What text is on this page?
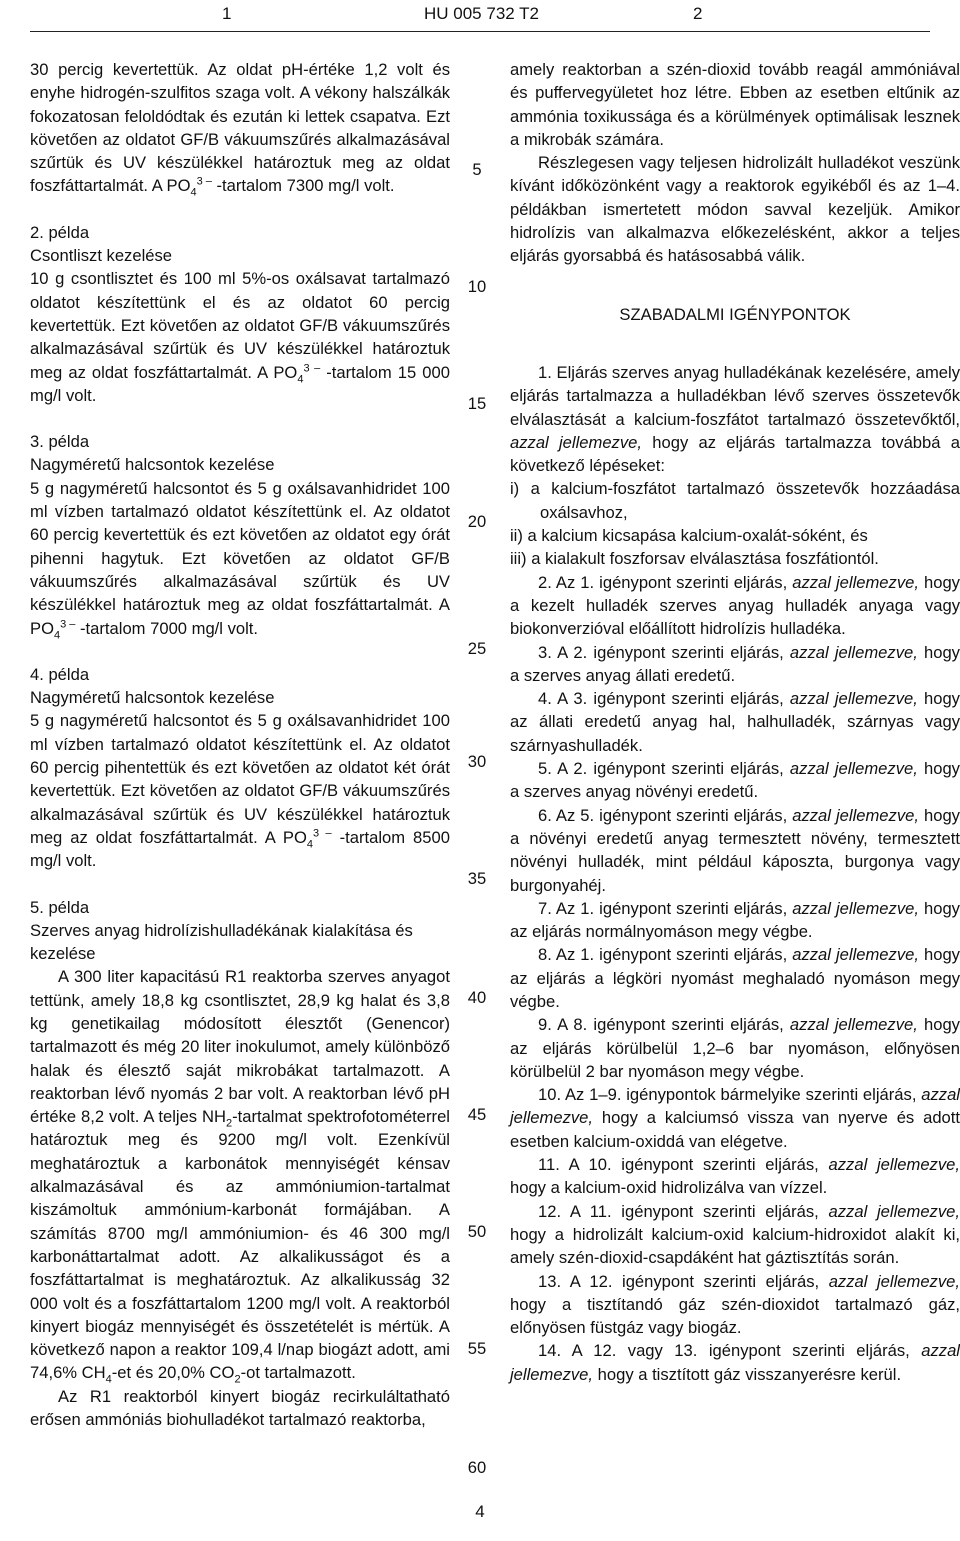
1	HU 005 732 T2	2

30 percig kevertettük. Az oldat pH-értéke 1,2 volt és enyhe hidrogén-szulfitos szaga volt. A vékony halszálkák fokozatosan feloldódtak és ezután ki lettek csapatva. Ezt követően az oldatot GF/B vákuumszűrés alkalmazásával szűrtük és UV készülékkel határoztuk meg az oldat foszfáttartalmát. A $PO_4^{3 -}$ -tartalom 7300 mg/l volt.

2. példa

Csontliszt kezelése

10 g csontlisztet és 100 ml 5%-os oxálsavat tartalmazó oldatot készítettünk el és az oldatot 60 percig kevertettük. Ezt követően az oldatot GF/B vákuumszűrés alkalmazásával szűrtük és UV készülékkel határoztuk meg az oldat foszfáttartalmát. A $PO_4^{3 -}$ -tartalom 15 000 mg/l volt.

3. példa

Nagyméretű halcsontok kezelése

5 g nagyméretű halcsontot és 5 g oxálsavanhidridet 100 ml vízben tartalmazó oldatot készítettünk el. Az oldatot 60 percig kevertettük és ezt követően az oldatot egy órát pihenni hagytuk. Ezt követően az oldatot GF/B vákuumszűrés alkalmazásával szűrtük és UV készülékkel határoztuk meg az oldat foszfáttartalmát. A $PO_4^{3 -}$ -tartalom 7000 mg/l volt.

4. példa

Nagyméretű halcsontok kezelése

5 g nagyméretű halcsontot és 5 g oxálsavanhidridet 100 ml vízben tartalmazó oldatot készítettünk el. Az oldatot 60 percig pihentettük és ezt követően az oldatot két órát kevertettük. Ezt követően az oldatot GF/B vákuumszűrés alkalmazásával szűrtük és UV készülékkel határoztuk meg az oldat foszfáttartalmát. A $PO_4^{3 -}$ -tartalom 8500 mg/l volt.

5. példa

Szerves anyag hidrolízishulladékának kialakítása és kezelése

A 300 liter kapacitású R1 reaktorba szerves anyagot tettünk, amely 18,8 kg csontlisztet, 28,9 kg halat és 3,8 kg genetikailag módosított élesztőt (Genencor) tartalmazott és még 20 liter inokulumot, amely különböző halak és élesztő saját mikrobákat tartalmazott. A reaktorban lévő nyomás 2 bar volt. A reaktorban lévő pH értéke 8,2 volt. A teljes $NH_2$-tartalmat spektrofotométerrel határoztuk meg és 9200 mg/l volt. Ezenkívül meghatároztuk a karbonátok mennyiségét kénsav alkalmazásával és az ammóniumion-tartalmat kiszámoltuk ammónium-karbonát formájában. A számítás 8700 mg/l ammóniumion- és 46 300 mg/l karbonáttartalmat adott. Az alkalikusságot és a foszfáttartalmat is meghatároztuk. Az alkalikusság 32 000 volt és a foszfáttartalom 1200 mg/l volt. A reaktorból kinyert biogáz mennyiségét és összetételét is mértük. A következő napon a reaktor 109,4 l/nap biogázt adott, ami 74,6% $CH_4-et$ és 20,0% $CO_2-ot$ tartalmazott.

Az R1 reaktorból kinyert biogáz recirkuláltatható erősen ammóniás biohulladékot tartalmazó reaktorba,

5
10
15
20
25
30
35
40
45
50
55
60

amely reaktorban a szén-dioxid tovább reagál ammóniával és puffervegyületet hoz létre. Ebben az esetben eltűnik az ammónia toxikussága és a körülmények optimálisak lesznek a mikrobák számára.

Részlegesen vagy teljesen hidrolizált hulladékot veszünk kívánt időközönként vagy a reaktorok egyikéből és az 1–4. példákban ismertetett módon savval kezeljük. Amikor hidrolízis van alkalmazva előkezelésként, akkor a teljes eljárás gyorsabbá és hatásosabbá válik.

SZABADALMI IGÉNYPONTOK

1. Eljárás szerves anyag hulladékának kezelésére, amely eljárás tartalmazza a hulladékban lévő szerves összetevők elválasztását a kalcium-foszfátot tartalmazó összetevőktől, azzal jellemezve, hogy az eljárás tartalmazza továbbá a következő lépéseket:

i) a kalcium-foszfátot tartalmazó összetevők hozzáadása oxálsavhoz,

ii) a kalcium kicsapása kalcium-oxalát-sóként, és

iii) a kialakult foszforsav elválasztása foszfátiontól.

2. Az 1. igénypont szerinti eljárás, azzal jellemezve, hogy a kezelt hulladék szerves anyag hulladék anyaga vagy biokonverzióval előállított hidrolízis hulladéka.

3. A 2. igénypont szerinti eljárás, azzal jellemezve, hogy a szerves anyag állati eredetű.

4. A 3. igénypont szerinti eljárás, azzal jellemezve, hogy az állati eredetű anyag hal, halhulladék, szárnyas vagy szárnyashulladék.

5. A 2. igénypont szerinti eljárás, azzal jellemezve, hogy a szerves anyag növényi eredetű.

6. Az 5. igénypont szerinti eljárás, azzal jellemezve, hogy a növényi eredetű anyag termesztett növény, termesztett növényi hulladék, mint például káposzta, burgonya vagy burgonyahéj.

7. Az 1. igénypont szerinti eljárás, azzal jellemezve, hogy az eljárás normálnyomáson megy végbe.

8. Az 1. igénypont szerinti eljárás, azzal jellemezve, hogy az eljárás a légköri nyomást meghaladó nyomáson megy végbe.

9. A 8. igénypont szerinti eljárás, azzal jellemezve, hogy az eljárás körülbelül 1,2–6 bar nyomáson, előnyösen körülbelül 2 bar nyomáson megy végbe.

10. Az 1–9. igénypontok bármelyike szerinti eljárás, azzal jellemezve, hogy a kalciumsó vissza van nyerve és adott esetben kalcium-oxiddá van elégetve.

11. A 10. igénypont szerinti eljárás, azzal jellemezve, hogy a kalcium-oxid hidrolizálva van vízzel.

12. A 11. igénypont szerinti eljárás, azzal jellemezve, hogy a hidrolizált kalcium-oxid kalcium-hidroxidot alakít ki, amely szén-dioxid-csapdáként hat gáztisztítás során.

13. A 12. igénypont szerinti eljárás, azzal jellemezve, hogy a tisztítandó gáz szén-dioxidot tartalmazó gáz, előnyösen füstgáz vagy biogáz.

14. A 12. vagy 13. igénypont szerinti eljárás, azzal jellemezve, hogy a tisztított gáz visszanyerésre kerül.

4
